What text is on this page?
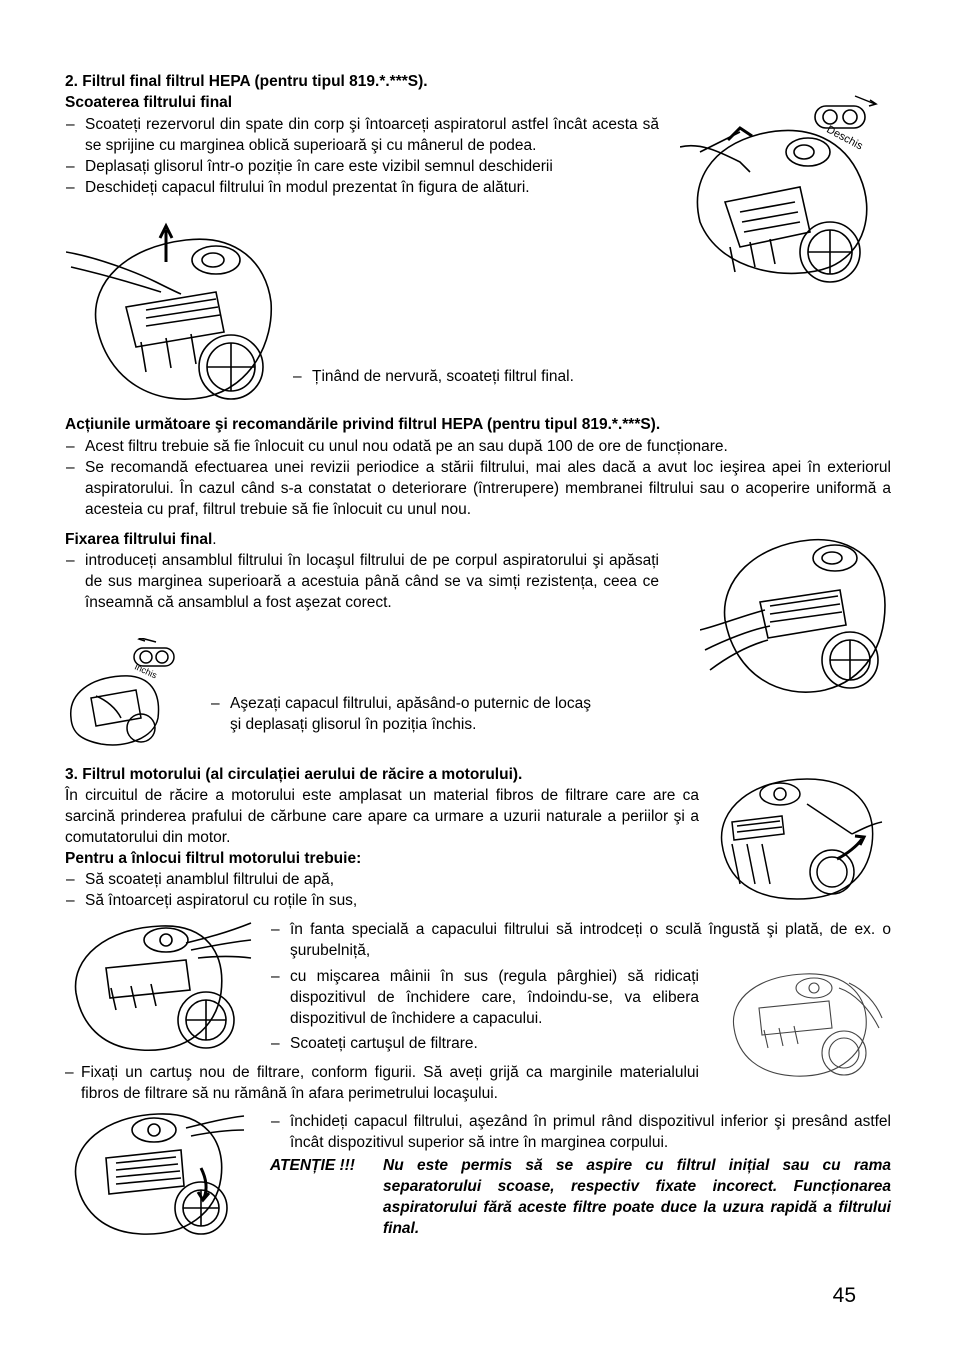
2. Filtrul final filtrul HEPA (pentru tipul 819.*.***S).
Scoaterea filtrului final
– Scoateți rezervorul din spate din corp şi întoarceți aspiratorul astfel încât acesta să se sprijine cu marginea oblică superioară şi cu mânerul de podea.
– Deplasați glisorul într-o poziție în care este vizibil semnul deschiderii
– Deschideți capacul filtrului în modul prezentat în figura de alături.
Deschis
– Ținând de nervură, scoateți filtrul final.
Acțiunile următoare şi recomandările privind filtrul HEPA (pentru tipul 819.*.***S).
– Acest filtru trebuie să fie înlocuit cu unul nou odată pe an sau după 100 de ore de funcționare.
– Se recomandă efectuarea unei revizii periodice a stării filtrului, mai ales dacă a avut loc ieşirea apei în exteriorul aspiratorului. În cazul când s-a constatat o deteriorare (întrerupere) membranei filtrului sau o acoperire uniformă a acesteia cu praf, filtrul trebuie să fie înlocuit cu unul nou.
Fixarea filtrului final.
– introduceți ansamblul filtrului în locaşul filtrului de pe corpul aspiratorului şi apăsați de sus marginea superioară a acestuia până când se va simți rezistența, ceea ce înseamnă că ansamblul a fost aşezat corect.
Inchis
– Aşezați capacul filtrului, apăsând-o puternic de locaş
şi deplasați glisorul în poziția închis.
3. Filtrul motorului (al circulației aerului de răcire a motorului).
În circuitul de răcire a motorului este amplasat un material fibros de filtrare care are ca sarcină prinderea prafului de cărbune care apare ca urmare a uzurii naturale a periilor şi a comutatorului din motor.
Pentru a înlocui filtrul motorului trebuie:
– Să scoateți anamblul filtrului de apă,
– Să întoarceți aspiratorul cu roțile în sus,
– în fanta specială a capacului filtrului să introdceți o sculă îngustă şi plată, de ex. o şurubelniță,
– cu mişcarea mâinii în sus (regula pârghiei) să ridicați dispozitivul de închidere care, îndoindu-se, va elibera dispozitivul de închidere a capacului.
– Scoateți cartuşul de filtrare.
– Fixați un cartuş nou de filtrare, conform figurii. Să aveți grijă ca marginile materialului fibros de filtrare să nu rămână în afara perimetrului locaşului.
– închideți capacul filtrului, aşezând în primul rând dispozitivul inferior şi presând astfel încât dispozitivul superior să intre în marginea corpului.
ATENȚIE !!!	Nu este permis să se aspire cu filtrul inițial sau cu rama separatorului scoase, respectiv fixate incorect. Funcționarea aspiratorului fără aceste filtre poate duce la uzura rapidă a filtrului final.
45
